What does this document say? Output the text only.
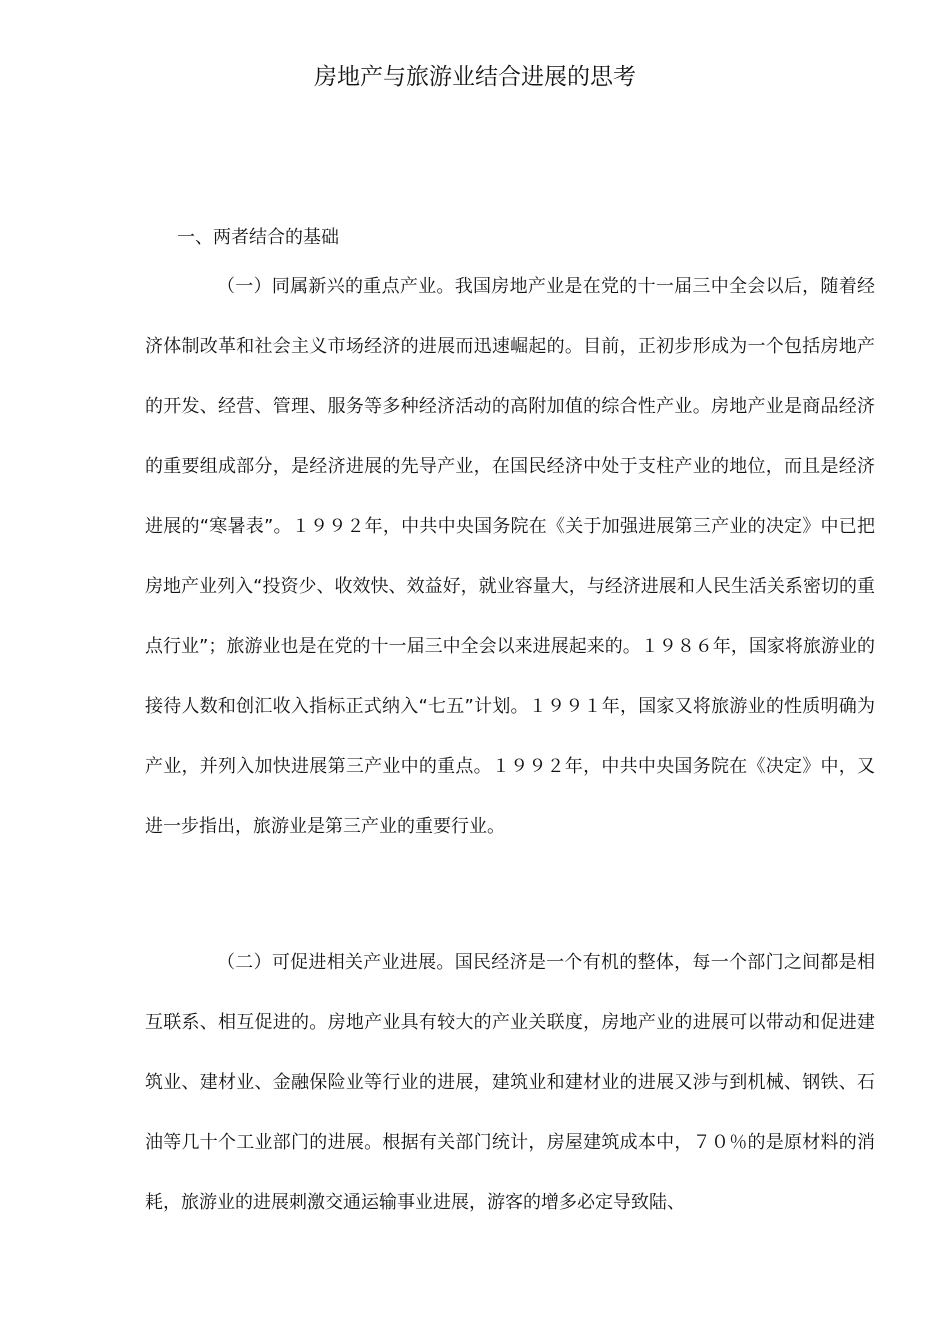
房地产与旅游业结合进展的思考
一、两者结合的基础

（一）同属新兴的重点产业。我国房地产业是在党的十一届三中全会以后，随着经济体制改革和社会主义市场经济的进展而迅速崛起的。目前，正初步形成为一个包括房地产的开发、经营、管理、服务等多种经济活动的高附加值的综合性产业。房地产业是商品经济的重要组成部分，是经济进展的先导产业，在国民经济中处于支柱产业的地位，而且是经济进展的“寒暑表”。１９９２年，中共中央国务院在《关于加强进展第三产业的决定》中已把房地产业列入“投资少、收效快、效益好，就业容量大，与经济进展和人民生活关系密切的重点行业”；旅游业也是在党的十一届三中全会以来进展起来的。１９８６年，国家将旅游业的接待人数和创汇收入指标正式纳入“七五”计划。１９９１年，国家又将旅游业的性质明确为产业，并列入加快进展第三产业中的重点。１９９２年，中共中央国务院在《决定》中，又进一步指出，旅游业是第三产业的重要行业。

（二）可促进相关产业进展。国民经济是一个有机的整体，每一个部门之间都是相互联系、相互促进的。房地产业具有较大的产业关联度，房地产业的进展可以带动和促进建筑业、建材业、金融保险业等行业的进展，建筑业和建材业的进展又涉与到机械、钢铁、石油等几十个工业部门的进展。根据有关部门统计，房屋建筑成本中，７０％的是原材料的消耗，旅游业的进展刺激交通运输事业进展，游客的增多必定导致陆、
